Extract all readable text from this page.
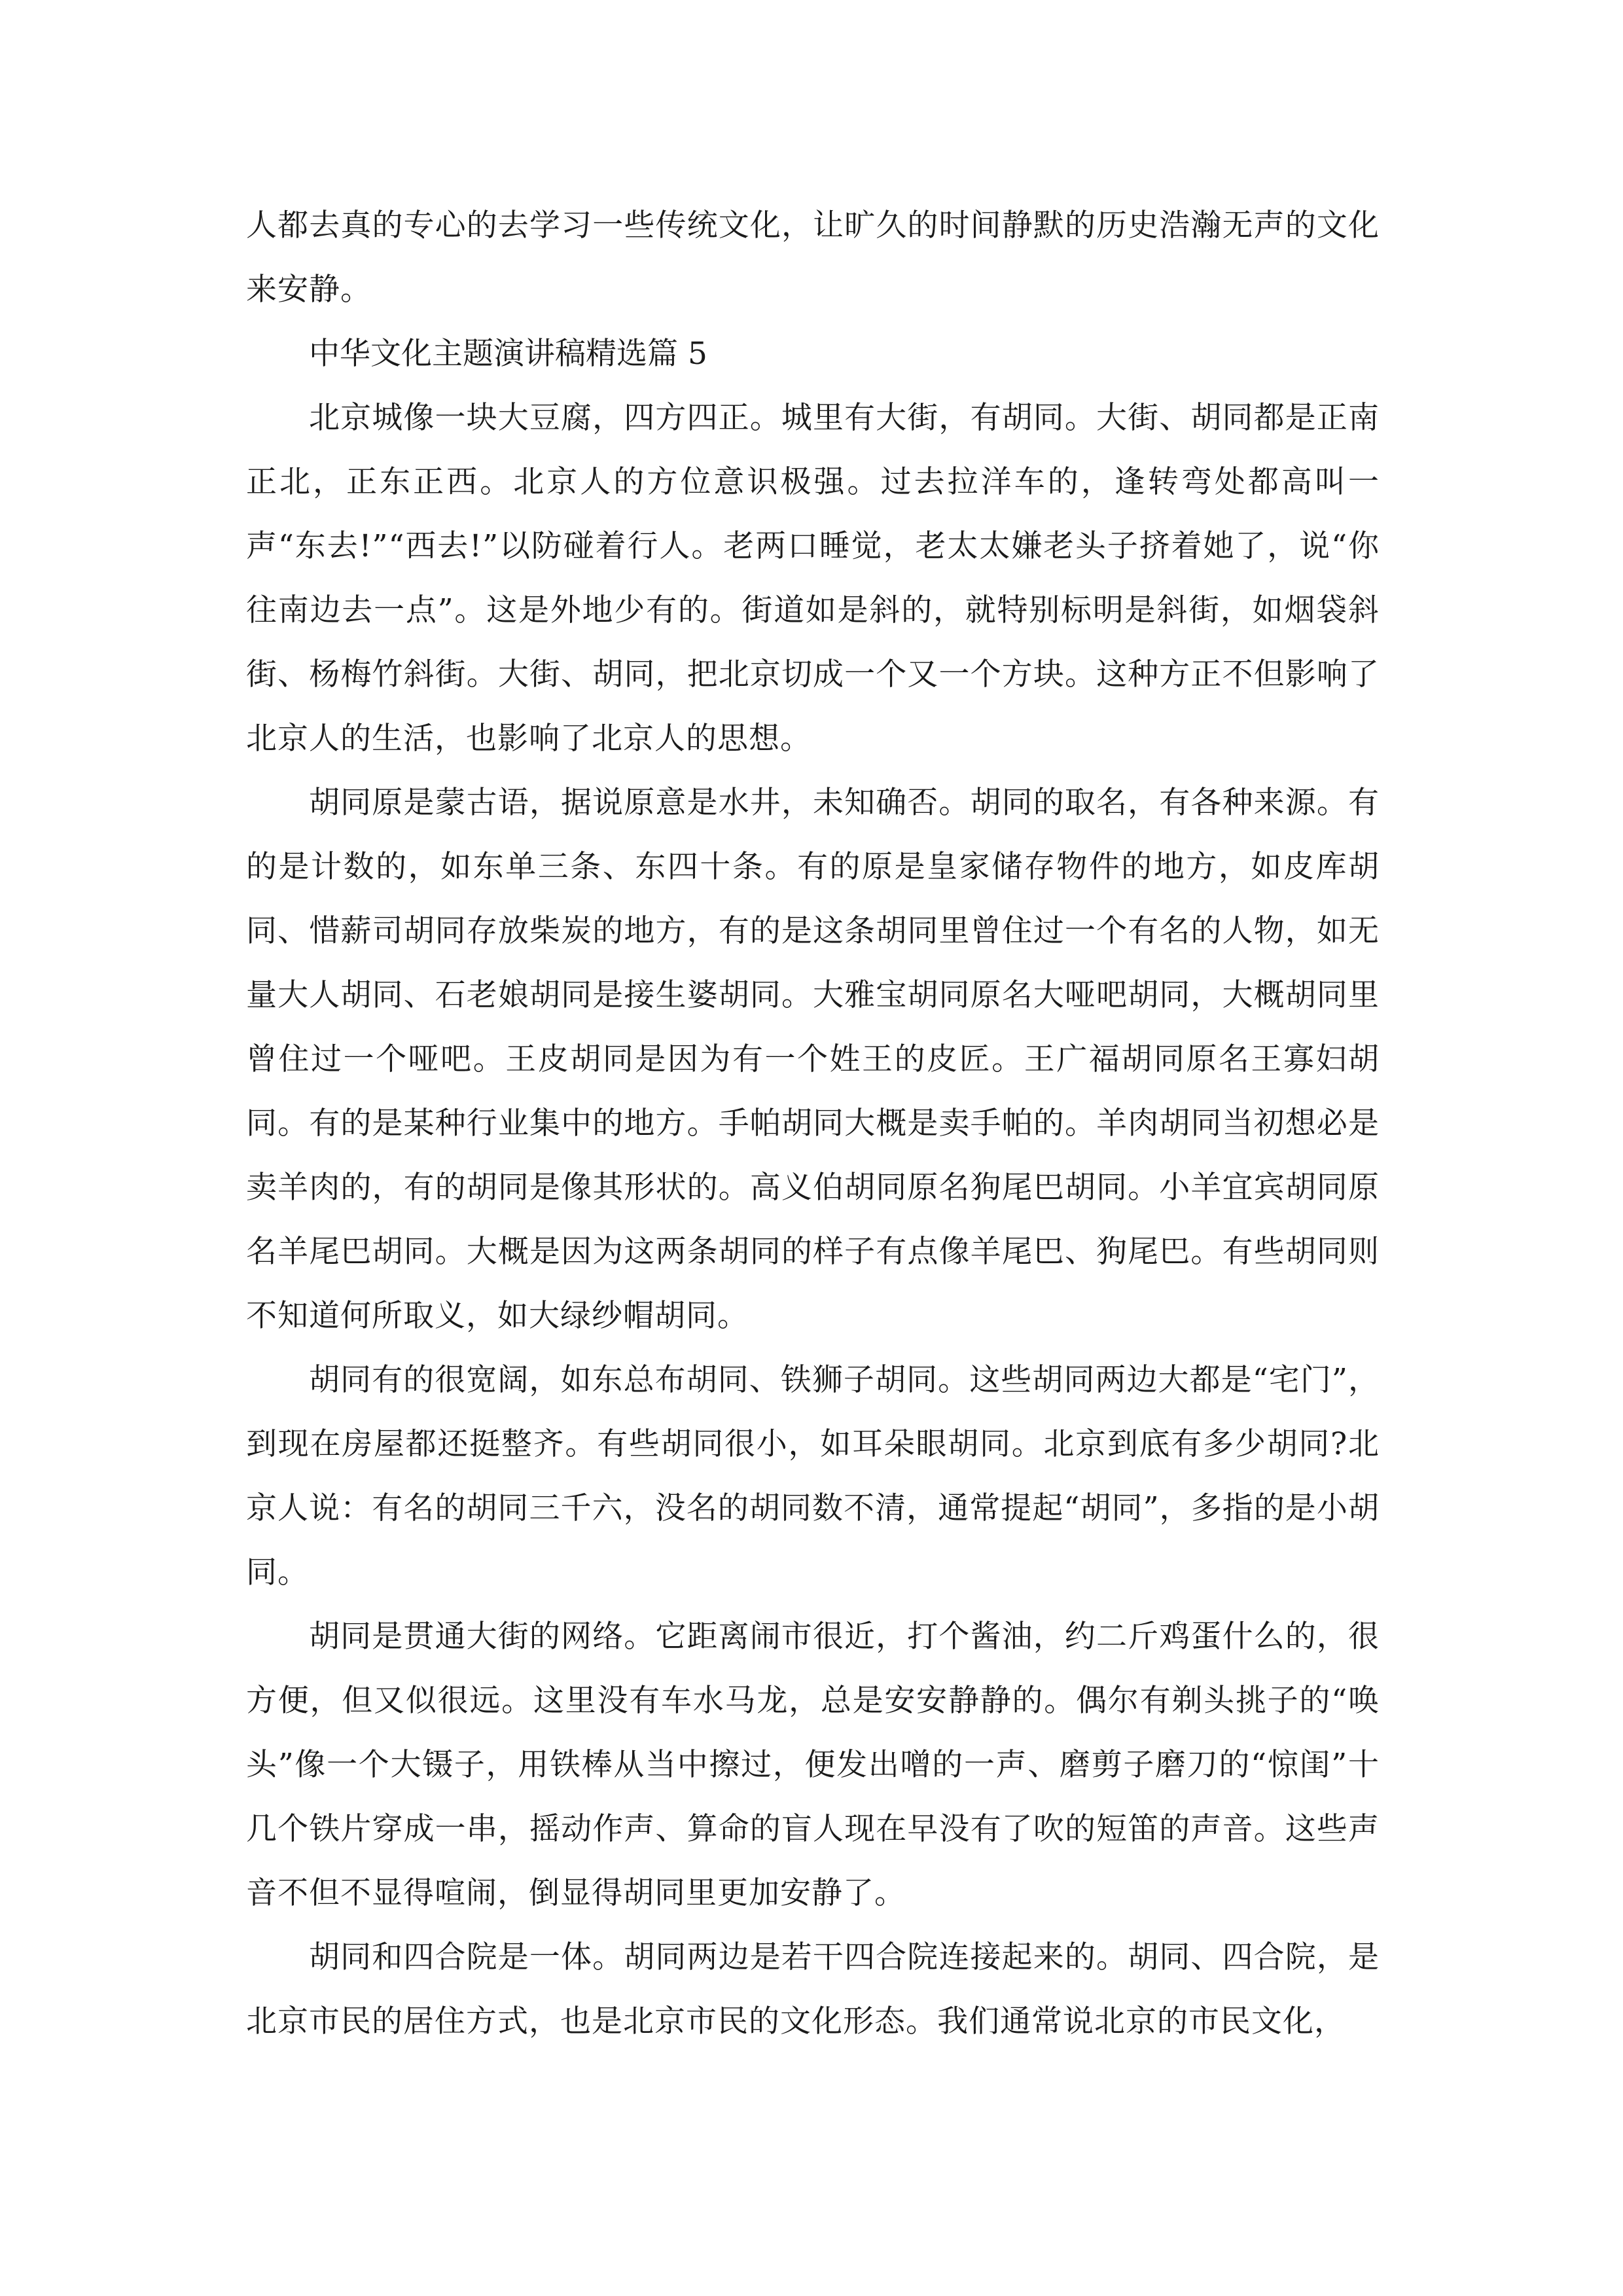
人都去真的专心的去学习一些传统文化，让旷久的时间静默的历史浩瀚无声的文化来安静。

中华文化主题演讲稿精选篇 5

北京城像一块大豆腐，四方四正。城里有大街，有胡同。大街、胡同都是正南正北，正东正西。北京人的方位意识极强。过去拉洋车的，逢转弯处都高叫一声“东去!”“西去!”以防碰着行人。老两口睡觉，老太太嫌老头子挤着她了，说“你往南边去一点”。这是外地少有的。街道如是斜的，就特别标明是斜街，如烟袋斜街、杨梅竹斜街。大街、胡同，把北京切成一个又一个方块。这种方正不但影响了北京人的生活，也影响了北京人的思想。

胡同原是蒙古语，据说原意是水井，未知确否。胡同的取名，有各种来源。有的是计数的，如东单三条、东四十条。有的原是皇家储存物件的地方，如皮库胡同、惜薪司胡同存放柴炭的地方，有的是这条胡同里曾住过一个有名的人物，如无量大人胡同、石老娘胡同是接生婆胡同。大雅宝胡同原名大哑吧胡同，大概胡同里曾住过一个哑吧。王皮胡同是因为有一个姓王的皮匠。王广福胡同原名王寡妇胡同。有的是某种行业集中的地方。手帕胡同大概是卖手帕的。羊肉胡同当初想必是卖羊肉的，有的胡同是像其形状的。高义伯胡同原名狗尾巴胡同。小羊宜宾胡同原名羊尾巴胡同。大概是因为这两条胡同的样子有点像羊尾巴、狗尾巴。有些胡同则不知道何所取义，如大绿纱帽胡同。

胡同有的很宽阔，如东总布胡同、铁狮子胡同。这些胡同两边大都是“宅门”，到现在房屋都还挺整齐。有些胡同很小，如耳朵眼胡同。北京到底有多少胡同?北京人说：有名的胡同三千六，没名的胡同数不清，通常提起“胡同”，多指的是小胡同。

胡同是贯通大街的网络。它距离闹市很近，打个酱油，约二斤鸡蛋什么的，很方便，但又似很远。这里没有车水马龙，总是安安静静的。偶尔有剃头挑子的“唤头”像一个大镊子，用铁棒从当中擦过，便发出噌的一声、磨剪子磨刀的“惊闺”十几个铁片穿成一串，摇动作声、算命的盲人现在早没有了吹的短笛的声音。这些声音不但不显得喧闹，倒显得胡同里更加安静了。

胡同和四合院是一体。胡同两边是若干四合院连接起来的。胡同、四合院，是北京市民的居住方式，也是北京市民的文化形态。我们通常说北京的市民文化，
